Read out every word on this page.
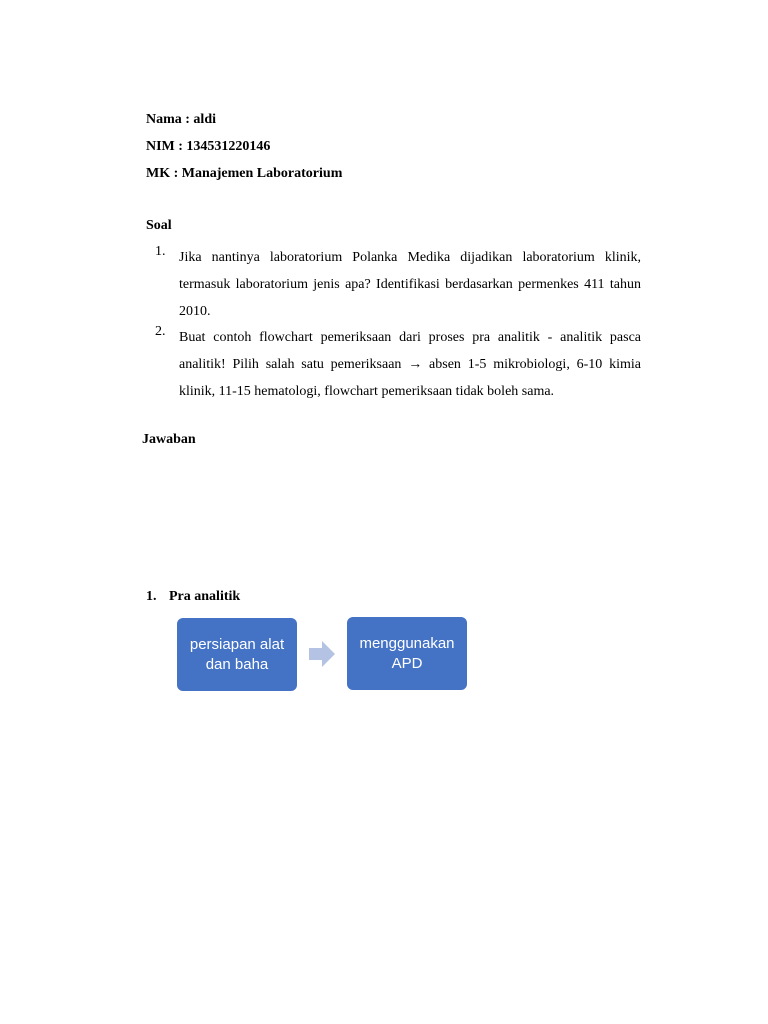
Nama : aldi
NIM : 134531220146
MK : Manajemen Laboratorium
Soal
1. Jika nantinya laboratorium Polanka Medika dijadikan laboratorium klinik, termasuk laboratorium jenis apa? Identifikasi berdasarkan permenkes 411 tahun 2010.
2. Buat contoh flowchart pemeriksaan dari proses pra analitik - analitik pasca analitik! Pilih salah satu pemeriksaan → absen 1-5 mikrobiologi, 6-10 kimia klinik, 11-15 hematologi, flowchart pemeriksaan tidak boleh sama.
Jawaban
1. Pra analitik
persiapan alat
dan baha
menggunakan
APD
